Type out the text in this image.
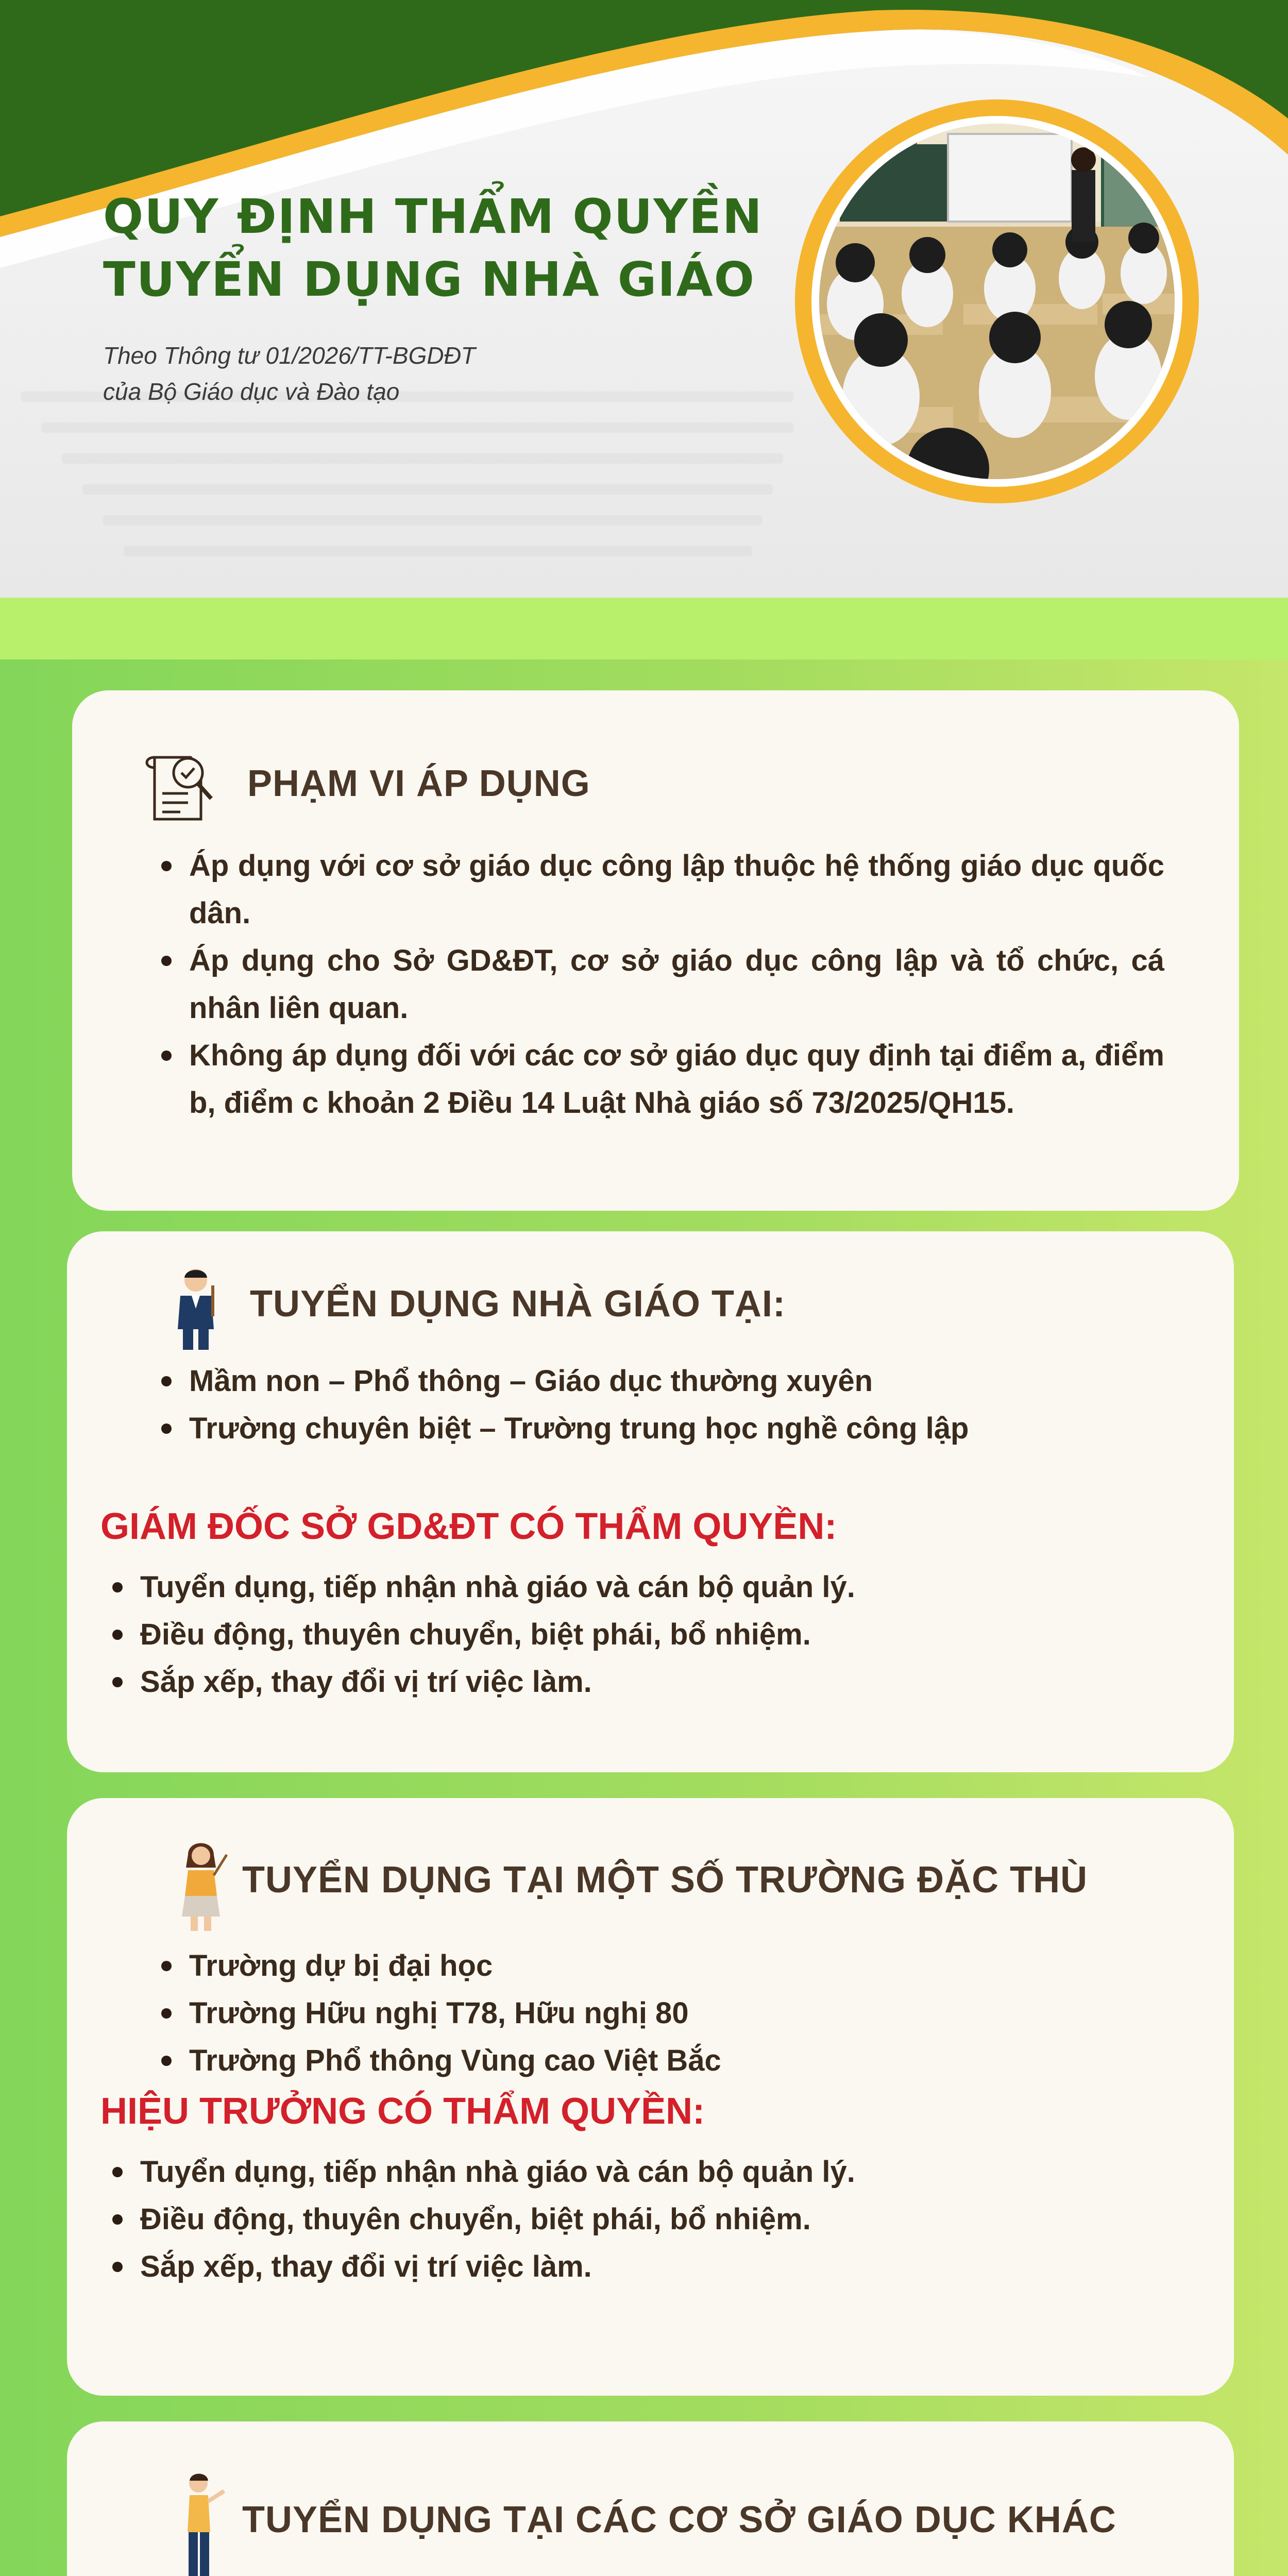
QUY ĐỊNH THẨM QUYỀN
TUYỂN DỤNG NHÀ GIÁO
Theo Thông tư 01/2026/TT-BGDĐT
của Bộ Giáo dục và Đào tạo
PHẠM VI ÁP DỤNG
Áp dụng với cơ sở giáo dục công lập thuộc hệ thống giáo dục quốc dân.
Áp dụng cho Sở GD&ĐT, cơ sở giáo dục công lập và tổ chức, cá nhân liên quan.
Không áp dụng đối với các cơ sở giáo dục quy định tại điểm a, điểm b, điểm c khoản 2 Điều 14 Luật Nhà giáo số 73/2025/QH15.
TUYỂN DỤNG NHÀ GIÁO TẠI:
Mầm non – Phổ thông – Giáo dục thường xuyên
Trường chuyên biệt – Trường trung học nghề công lập
GIÁM ĐỐC SỞ GD&ĐT CÓ THẨM QUYỀN:
Tuyển dụng, tiếp nhận nhà giáo và cán bộ quản lý.
Điều động, thuyên chuyển, biệt phái, bổ nhiệm.
Sắp xếp, thay đổi vị trí việc làm.
TUYỂN DỤNG TẠI MỘT SỐ TRƯỜNG ĐẶC THÙ
Trường dự bị đại học
Trường Hữu nghị T78, Hữu nghị 80
Trường Phổ thông Vùng cao Việt Bắc
HIỆU TRƯỞNG CÓ THẨM QUYỀN:
Tuyển dụng, tiếp nhận nhà giáo và cán bộ quản lý.
Điều động, thuyên chuyển, biệt phái, bổ nhiệm.
Sắp xếp, thay đổi vị trí việc làm.
TUYỂN DỤNG TẠI CÁC CƠ SỞ GIÁO DỤC KHÁC
